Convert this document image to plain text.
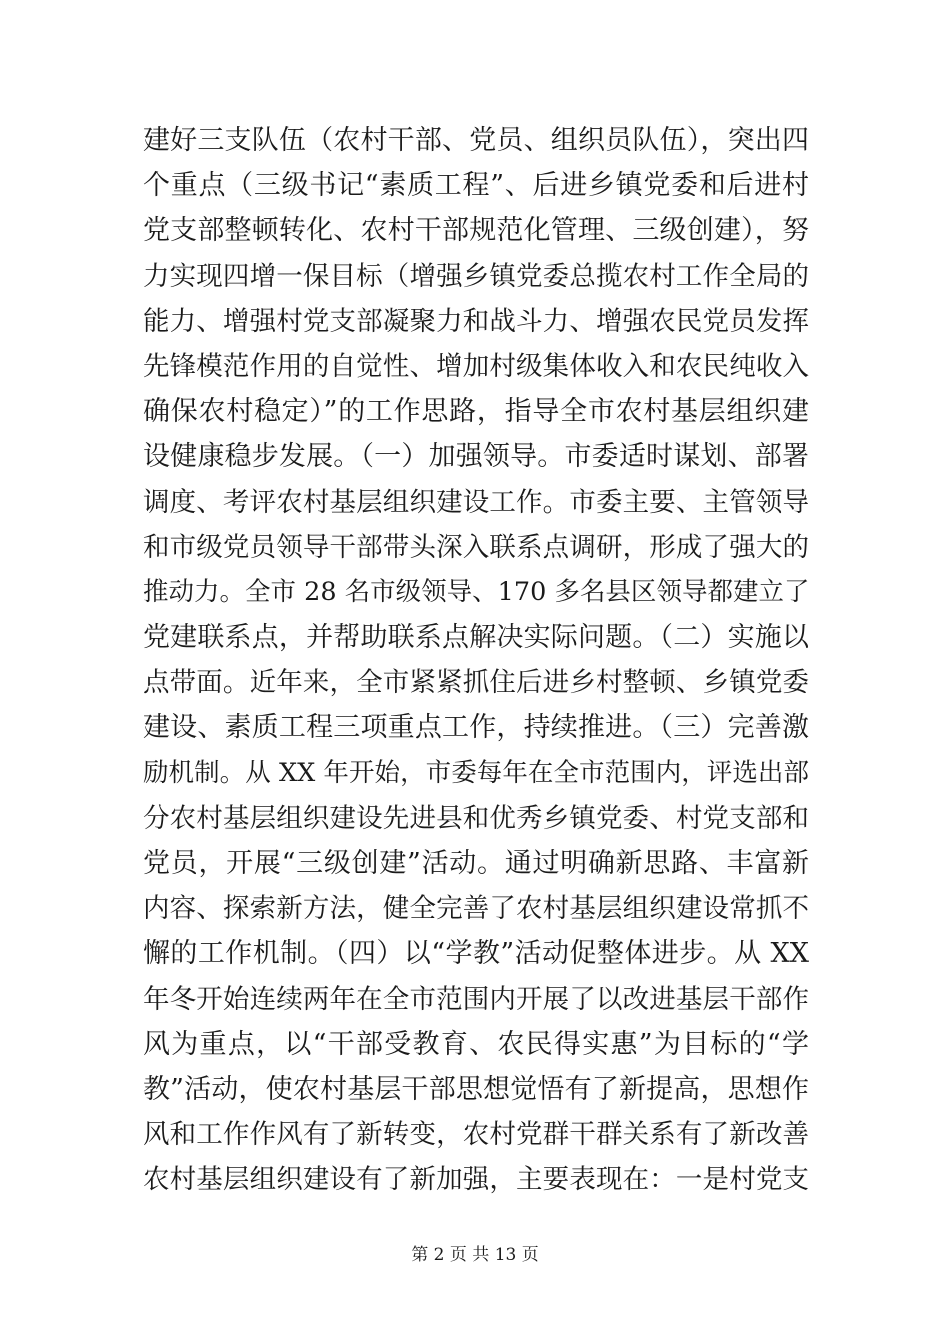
建好三支队伍（农村干部、党员、组织员队伍），突出四
个重点（三级书记“素质工程”、后进乡镇党委和后进村
党支部整顿转化、农村干部规范化管理、三级创建），努
力实现四增一保目标（增强乡镇党委总揽农村工作全局的
能力、增强村党支部凝聚力和战斗力、增强农民党员发挥
先锋模范作用的自觉性、增加村级集体收入和农民纯收入
确保农村稳定）”的工作思路，指导全市农村基层组织建
设健康稳步发展。（一）加强领导。市委适时谋划、部署
调度、考评农村基层组织建设工作。市委主要、主管领导
和市级党员领导干部带头深入联系点调研，形成了强大的
推动力。全市 28 名市级领导、170 多名县区领导都建立了
党建联系点，并帮助联系点解决实际问题。（二）实施以
点带面。近年来，全市紧紧抓住后进乡村整顿、乡镇党委
建设、素质工程三项重点工作，持续推进。（三）完善激
励机制。从 XX 年开始，市委每年在全市范围内，评选出部
分农村基层组织建设先进县和优秀乡镇党委、村党支部和
党员，开展“三级创建”活动。通过明确新思路、丰富新
内容、探索新方法，健全完善了农村基层组织建设常抓不
懈的工作机制。（四）以“学教”活动促整体进步。从 XX
年冬开始连续两年在全市范围内开展了以改进基层干部作
风为重点，以“干部受教育、农民得实惠”为目标的“学
教”活动，使农村基层干部思想觉悟有了新提高，思想作
风和工作作风有了新转变，农村党群干群关系有了新改善
农村基层组织建设有了新加强，主要表现在：一是村党支
第 2 页 共 13 页
